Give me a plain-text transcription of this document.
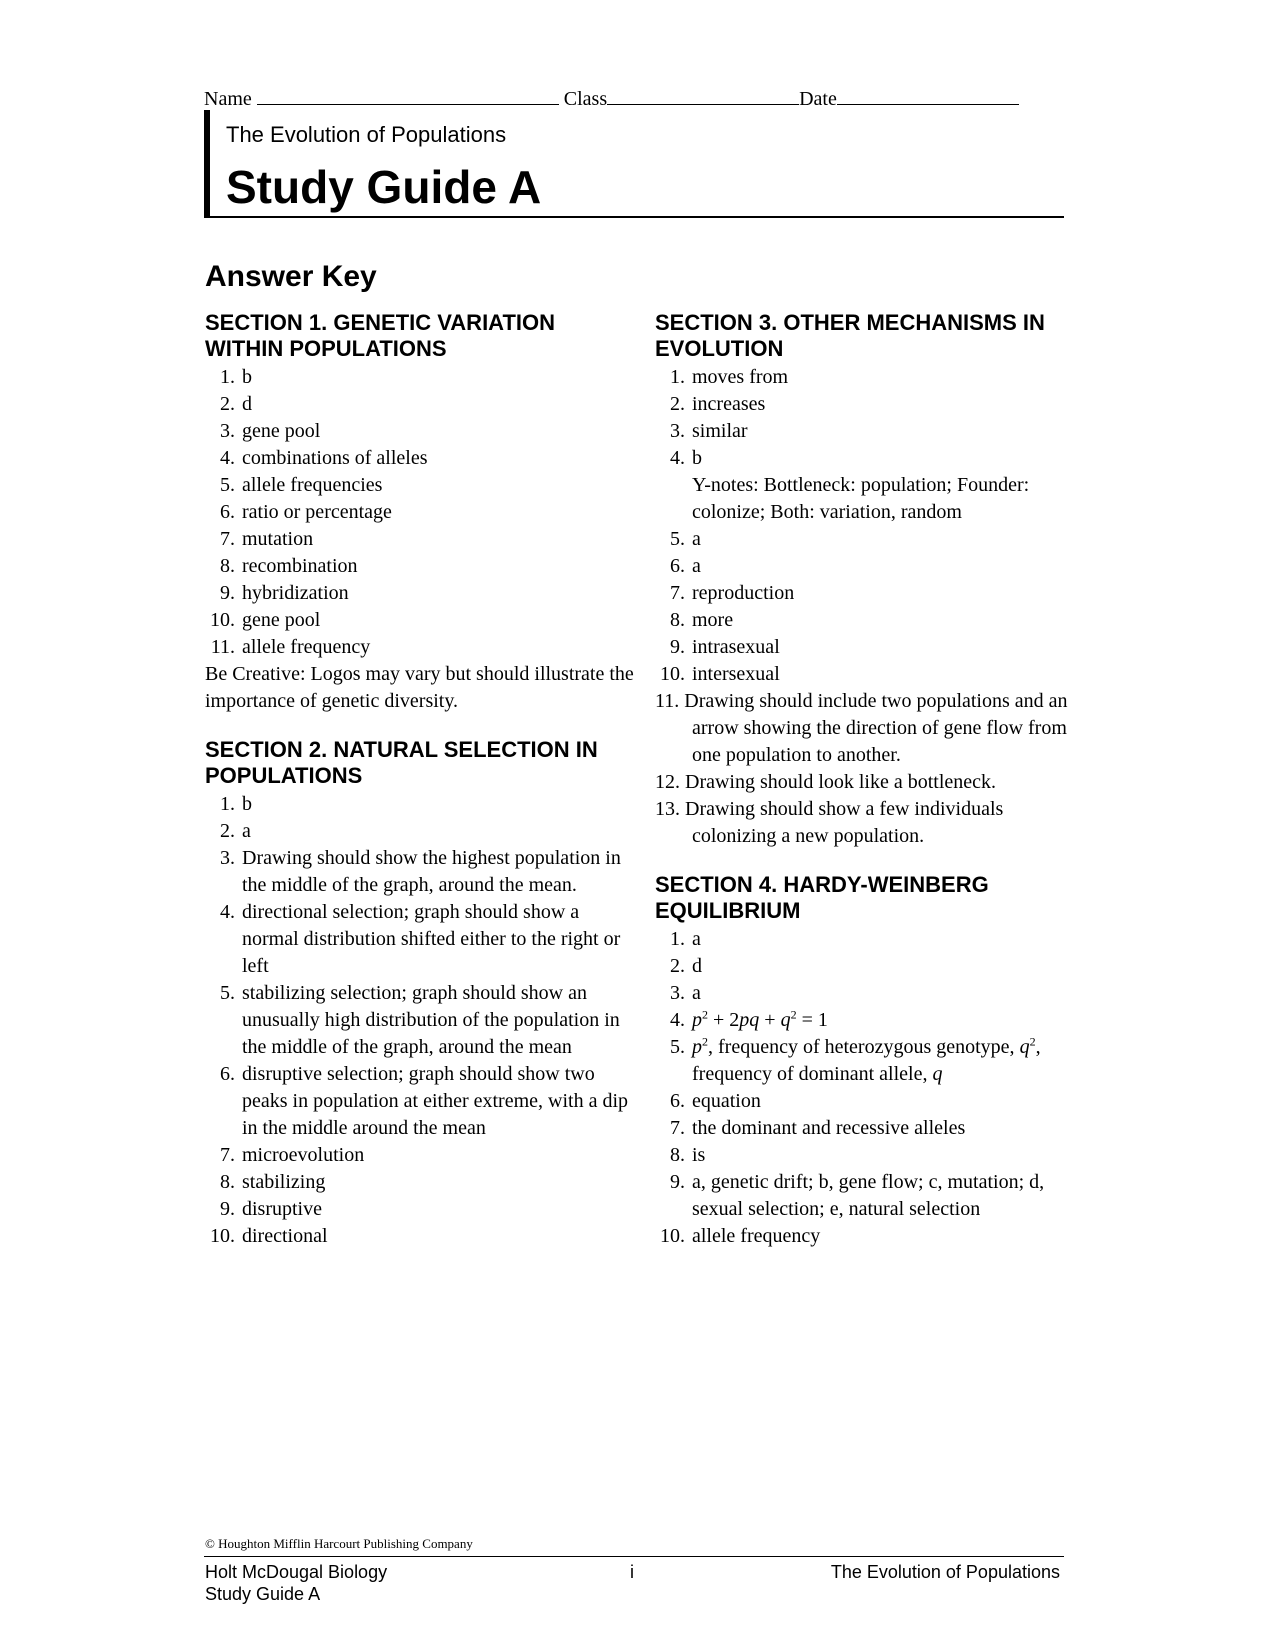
Name	Class	Date
The Evolution of Populations
Study Guide A
Answer Key
SECTION 1. GENETIC VARIATION
WITHIN POPULATIONS
1. b
2. d
3. gene pool
4. combinations of alleles
5. allele frequencies
6. ratio or percentage
7. mutation
8. recombination
9. hybridization
10. gene pool
11. allele frequency
Be Creative: Logos may vary but should illustrate the importance of genetic diversity.
SECTION 2. NATURAL SELECTION IN
POPULATIONS
1. b
2. a
3. Drawing should show the highest population in the middle of the graph, around the mean.
4. directional selection; graph should show a normal distribution shifted either to the right or left
5. stabilizing selection; graph should show an unusually high distribution of the population in the middle of the graph, around the mean
6. disruptive selection; graph should show two peaks in population at either extreme, with a dip in the middle around the mean
7. microevolution
8. stabilizing
9. disruptive
10. directional
SECTION 3. OTHER MECHANISMS IN
EVOLUTION
1. moves from
2. increases
3. similar
4. b
Y-notes: Bottleneck: population; Founder: colonize; Both: variation, random
5. a
6. a
7. reproduction
8. more
9. intrasexual
10. intersexual
11. Drawing should include two populations and an arrow showing the direction of gene flow from one population to another.
12. Drawing should look like a bottleneck.
13. Drawing should show a few individuals colonizing a new population.
SECTION 4. HARDY-WEINBERG
EQUILIBRIUM
1. a
2. d
3. a
4. $p^2 + 2pq + q^2 = 1$
5. $p^2$, frequency of heterozygous genotype, $q^2$, frequency of dominant allele, q
6. equation
7. the dominant and recessive alleles
8. is
9. a, genetic drift; b, gene flow; c, mutation; d, sexual selection; e, natural selection
10. allele frequency
© Houghton Mifflin Harcourt Publishing Company
Holt McDougal Biology
Study Guide A
i	The Evolution of Populations
